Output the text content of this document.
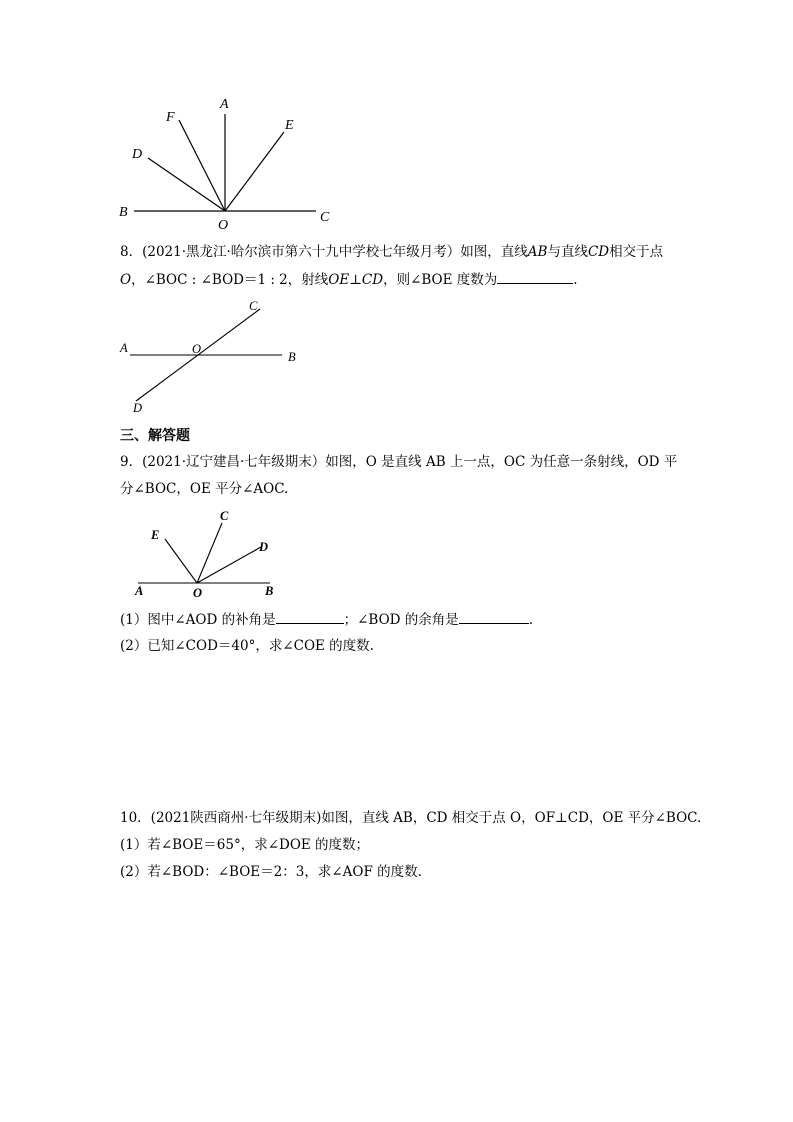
F
A
E
D
B
O
C
8．(2021·黑龙江·哈尔滨市第六十九中学校七年级月考）如图，直线AB与直线CD相交于点
O，∠BOC : ∠BOD＝1 : 2，射线OE⊥CD，则∠BOE 度数为	.
A	O
B
C
D
三、解答题
9．(2021·辽宁建昌·七年级期末）如图，O 是直线 AB 上一点，OC 为任意一条射线，OD 平
分∠BOC，OE 平分∠AOC.
E
C
D
A	O	B
(1）图中∠AOD 的补角是	；∠BOD 的余角是	.
(2）已知∠COD＝40°，求∠COE 的度数.
10．(2021陕西商州·七年级期末)如图，直线 AB，CD 相交于点 O，OF⊥CD，OE 平分∠BOC.
(1）若∠BOE＝65°，求∠DOE 的度数；
(2）若∠BOD：∠BOE＝2：3，求∠AOF 的度数.
